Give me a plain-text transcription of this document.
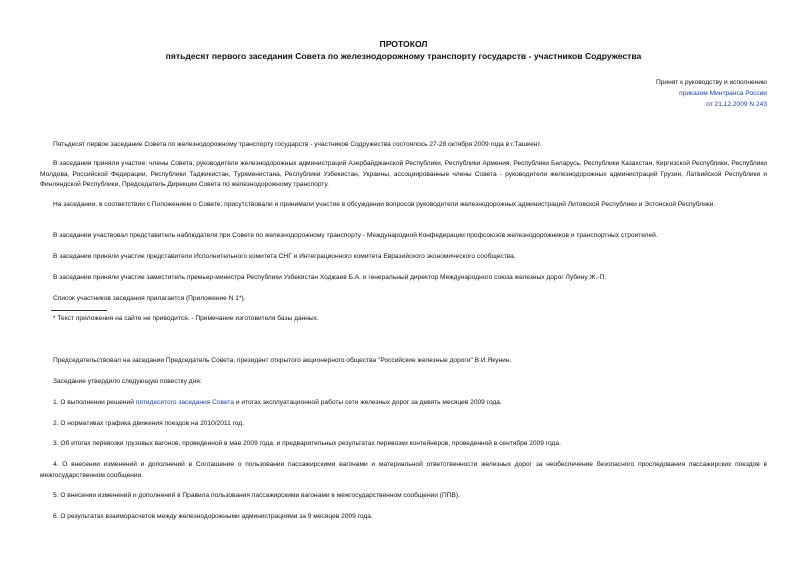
ПРОТОКОЛ
пятьдесят первого заседания Совета по железнодорожному транспорту государств - участников Содружества
Принят к руководству и исполнению
приказом Минтранса России
от 21.12.2009 N 243
Пятьдесят первое заседание Совета по железнодорожному транспорту государств - участников Содружества состоялось 27-28 октября 2009 года в г.Ташкент.
В заседании приняли участие: члены Совета, руководители железнодорожных администраций Азербайджанской Республики, Республики Армения, Республики Беларусь, Республики Казахстан, Киргизской Республики, Республики Молдова, Российской Федерации, Республики Таджикистан, Туркменистана, Республики Узбекистан, Украины, ассоциированные члены Совета - руководители железнодорожных администраций Грузии, Латвийской Республики и Финляндской Республики, Председатель Дирекции Совета по железнодорожному транспорту.
На заседании, в соответствии с Положением о Совете, присутствовали и принимали участие в обсуждении вопросов руководители железнодорожных администраций Литовской Республики и Эстонской Республики.
В заседании участвовал представитель наблюдателя при Совете по железнодорожному транспорту - Международной Конфедерации профсоюзов железнодорожников и транспортных строителей.
В заседании приняли участие представители Исполнительного комитета СНГ и Интеграционного комитета Евразийского экономического сообщества.
В заседании приняли участие заместитель премьер-министра Республики Узбекистан Ходжаев Б.А. и генеральный директор Международного союза железных дорог Лубину Ж.-П.
Список участников заседания прилагается (Приложение N 1*).
* Текст приложения на сайте не приводится. - Примечание изготовителя базы данных.
Председательствовал на заседании Председатель Совета, президент открытого акционерного общества "Российские железные дороги" В.И.Якунин.
Заседание утвердило следующую повестку дня:
1. О выполнении решений пятидесятого заседания Совета и итогах эксплуатационной работы сети железных дорог за девять месяцев 2009 года.
2. О нормативах графика движения поездов на 2010/2011 год.
3. Об итогах перевозки грузовых вагонов, проведенной в мае 2009 года, и предварительных результатах перевозки контейнеров, проведенной в сентябре 2009 года.
4. О внесении изменений и дополнений в Соглашение о пользовании пассажирскими вагонами и материальной ответственности железных дорог за необеспечение безопасного проследования пассажирских поездов в межгосударственном сообщении.
5. О внесении изменений и дополнений в Правила пользования пассажирскими вагонами в межгосударственном сообщении (ППВ).
6. О результатах взаиморасчетов между железнодорожными администрациями за 9 месяцев 2009 года.
